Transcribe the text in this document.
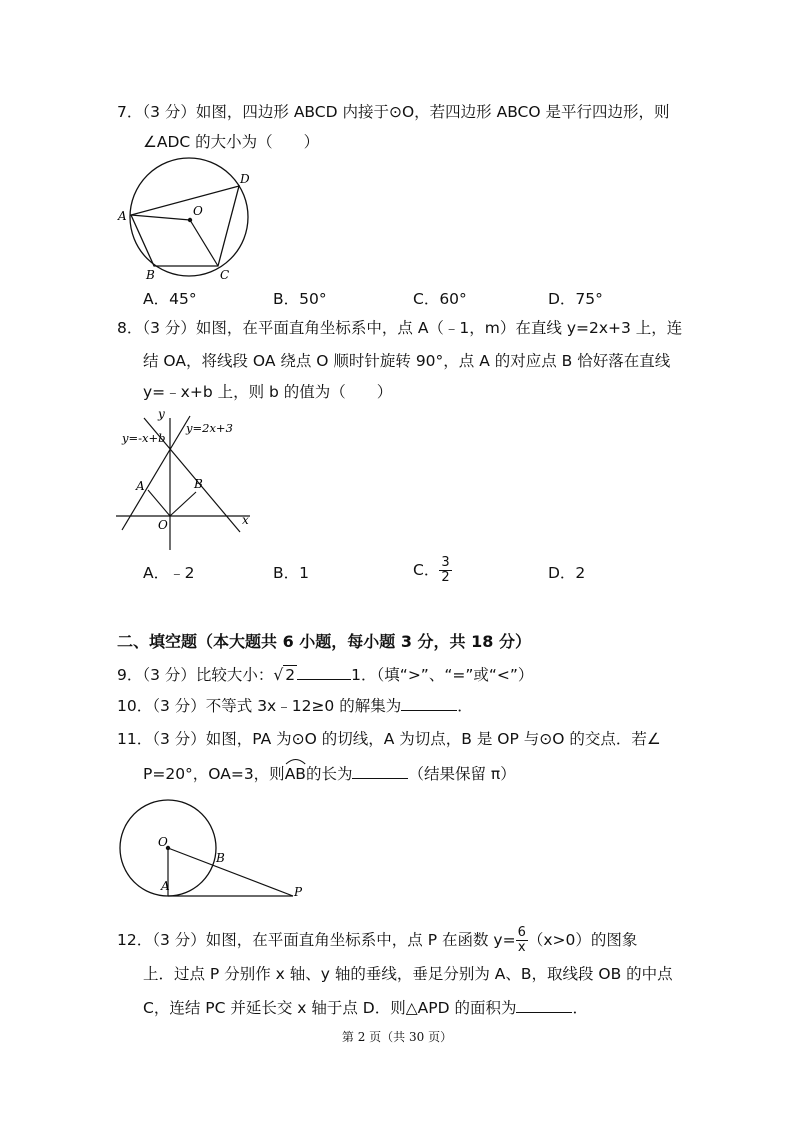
7．（3 分）如图，四边形 ABCD 内接于⊙O，若四边形 ABCO 是平行四边形，则
∠ADC 的大小为（　　）
A
B	C
D
O
A．45°	B．50°	C．60°	D．75°
8．（3 分）如图，在平面直角坐标系中，点 A（﹣1，m）在直线 y=2x+3 上，连
结 OA，将线段 OA 绕点 O 顺时针旋转 90°，点 A 的对应点 B 恰好落在直线
y=﹣x+b 上，则 b 的值为（　　）
y
x
O
A	B
y=-x+b
y=2x+3
A．﹣2	B．1	C． $\frac{3}{2}$	D．2
二、填空题（本大题共 6 小题，每小题 3 分，共 18 分）
9．（3 分）比较大小：√ 2	1．（填“>”、“=”或“<”）
10．（3 分）不等式 3x﹣12≥0 的解集为	．
11．（3 分）如图，PA 为⊙O 的切线，A 为切点，B 是 OP 与⊙O 的交点．若∠
P=20°，OA=3，则
AB的长为	（结果保留 π）
O
B
A	P
12．（3 分）如图，在平面直角坐标系中，点 P 在函数 $y= \frac{6}{x} (x>0)$的图象
上．过点 P 分别作 x 轴、y 轴的垂线，垂足分别为 A、B，取线段 OB 的中点
C，连结 PC 并延长交 x 轴于点 D．则△APD 的面积为	．
第 2 页（共 30 页）
